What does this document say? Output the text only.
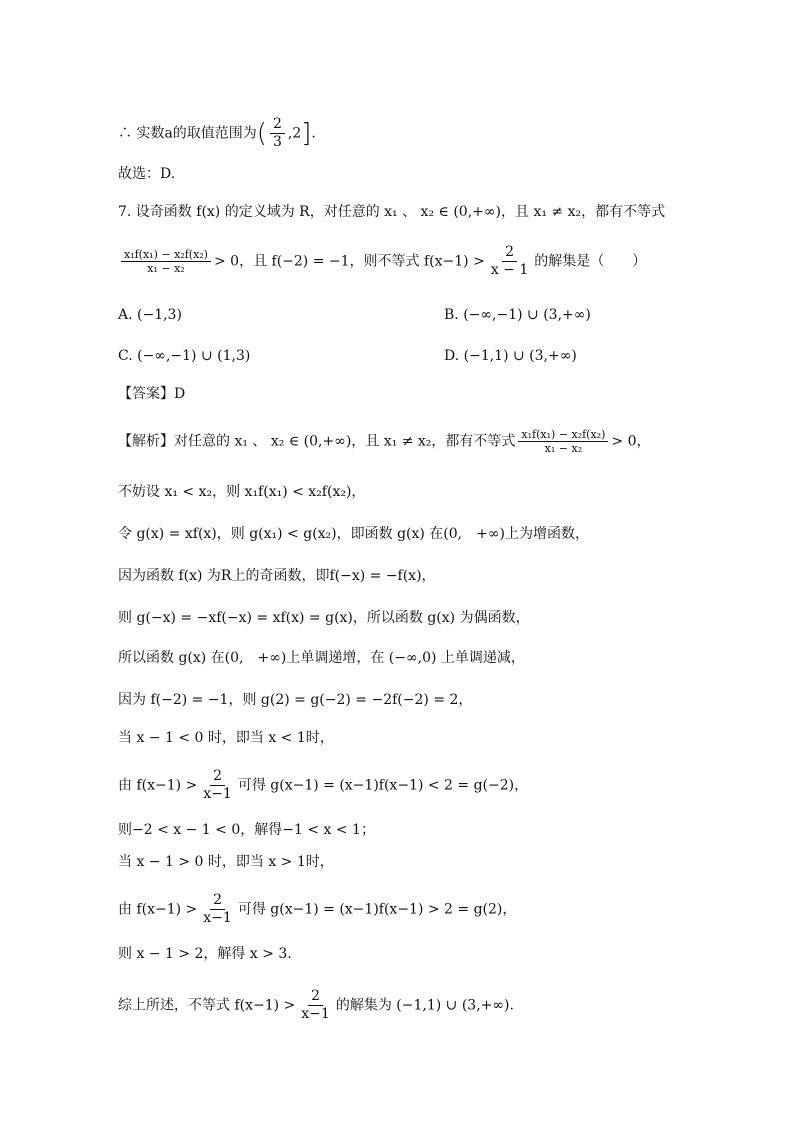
∴ 实数a的取值范围为( $\frac{2}{3} ,2$].
故选：D.
7. 设奇函数 f(x) 的定义域为 R，对任意的 x₁ 、 x₂ ∈ (0,+∞)，且 x₁ ≠ x₂，都有不等式
$\frac{\text{x₁f(x₁) − x₂f(x₂)}}{\text{x₁ − x₂}} > 0$，且 f(−2) = −1，则不等式 $f(x-1) > \frac{2}{x - 1}$ 的解集是（　　）
A. (−1,3)	B. (−∞,−1) ∪ (3,+∞)
C. (−∞,−1) ∪ (1,3)	D. (−1,1) ∪ (3,+∞)
【答案】D
【解析】对任意的 x₁ 、 x₂ ∈ (0,+∞)，且 x₁ ≠ x₂，都有不等式 $\frac{\text{x₁f(x₁) − x₂f(x₂)}}{\text{x₁ − x₂}} > 0$，
不妨设 x₁ < x₂，则 x₁f(x₁) < x₂f(x₂)，
令 g(x) = xf(x)，则 g(x₁) < g(x₂)，即函数 g(x) 在(0,　+∞)上为增函数，
因为函数 f(x) 为R上的奇函数，即f(−x) = −f(x)，
则 g(−x) = −xf(−x) = xf(x) = g(x)，所以函数 g(x) 为偶函数，
所以函数 g(x) 在(0,　+∞)上单调递增，在 (−∞,0) 上单调递减，
因为 f(−2) = −1，则 g(2) = g(−2) = −2f(−2) = 2，
当 x − 1 < 0 时，即当 x < 1时，
由 $f(x-1) > \frac{2}{x-1}$ 可得 g(x−1) = (x−1)f(x−1) < 2 = g(−2)，
则−2 < x − 1 < 0，解得−1 < x < 1；
当 x − 1 > 0 时，即当 x > 1时，
由 $f(x-1) > \frac{2}{x-1}$ 可得 g(x−1) = (x−1)f(x−1) > 2 = g(2)，
则 x − 1 > 2，解得 x > 3.
综上所述，不等式 $f(x-1) > \frac{2}{x-1}$ 的解集为 (−1,1) ∪ (3,+∞).
